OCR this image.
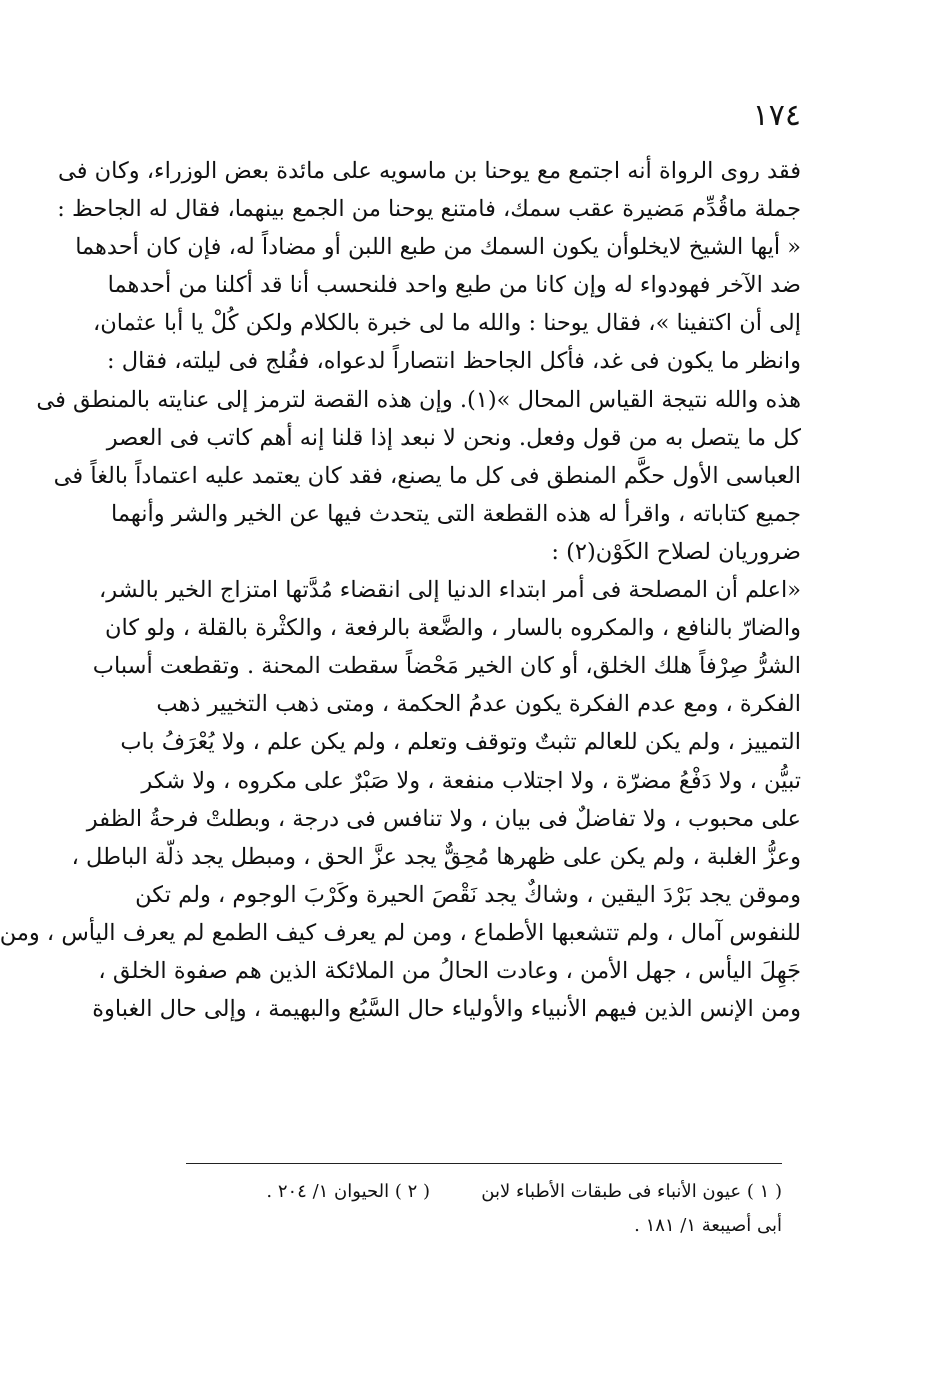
١٧٤
فقد روى الرواة أنه اجتمع مع يوحنا بن ماسويه على مائدة بعض الوزراء، وكان فى
جملة ماقُدِّم مَضيرة عقب سمك، فامتنع يوحنا من الجمع بينهما، فقال له الجاحظ :
« أيها الشيخ لايخلوأن يكون السمك من طبع اللبن أو مضاداً له، فإن كان أحدهما
ضد الآخر فهودواء له وإن كانا من طبع واحد فلنحسب أنا قد أكلنا من أحدهما
إلى أن اكتفينا »، فقال يوحنا : والله ما لى خبرة بالكلام ولكن كُلْ يا أبا عثمان،
وانظر ما يكون فى غد، فأكل الجاحظ انتصاراً لدعواه، ففُلج فى ليلته، فقال :
هذه والله نتيجة القياس المحال »(١). وإن هذه القصة لترمز إلى عنايته بالمنطق فى
كل ما يتصل به من قول وفعل. ونحن لا نبعد إذا قلنا إنه أهم كاتب فى العصر
العباسى الأول حكَّم المنطق فى كل ما يصنع، فقد كان يعتمد عليه اعتماداً بالغاً فى
جميع كتاباته ، واقرأ له هذه القطعة التى يتحدث فيها عن الخير والشر وأنهما
ضروريان لصلاح الكَوْن(٢) :
«اعلم أن المصلحة فى أمر ابتداء الدنيا إلى انقضاء مُدَّتها امتزاج الخير بالشر،
والضارّ بالنافع ، والمكروه بالسار ، والضَّعة بالرفعة ، والكثْرة بالقلة ، ولو كان
الشرُّ صِرْفاً هلك الخلق، أو كان الخير مَحْضاً سقطت المحنة . وتقطعت أسباب
الفكرة ، ومع عدم الفكرة يكون عدمُ الحكمة ، ومتى ذهب التخيير ذهب
التمييز ، ولم يكن للعالم تثبتٌ وتوقف وتعلم ، ولم يكن علم ، ولا يُعْرَفُ باب
تبيُّن ، ولا دَفْعُ مضرّة ، ولا اجتلاب منفعة ، ولا صَبْرٌ على مكروه ، ولا شكر
على محبوب ، ولا تفاضلٌ فى بيان ، ولا تنافس فى درجة ، وبطلتْ فرحةُ الظفر
وعزُّ الغلبة ، ولم يكن على ظهرها مُحِقٌّ يجد عزَّ الحق ، ومبطل يجد ذلّة الباطل ،
وموقن يجد بَرْدَ اليقين ، وشاكٌ يجد نَقْصَ الحيرة وكَرْبَ الوجوم ، ولم تكن
للنفوس آمال ، ولم تتشعبها الأطماع ، ومن لم يعرف كيف الطمع لم يعرف اليأس ، ومن
جَهِلَ اليأس ، جهل الأمن ، وعادت الحالُ من الملائكة الذين هم صفوة الخلق ،
ومن الإنس الذين فيهم الأنبياء والأولياء حال السَّبُع والبهيمة ، وإلى حال الغباوة
( ١ ) عيون الأنباء فى طبقات الأطباء لابن
( ٢ ) الحيوان ١/ ٢٠٤ .
أبى أصيبعة ١/ ١٨١ .
